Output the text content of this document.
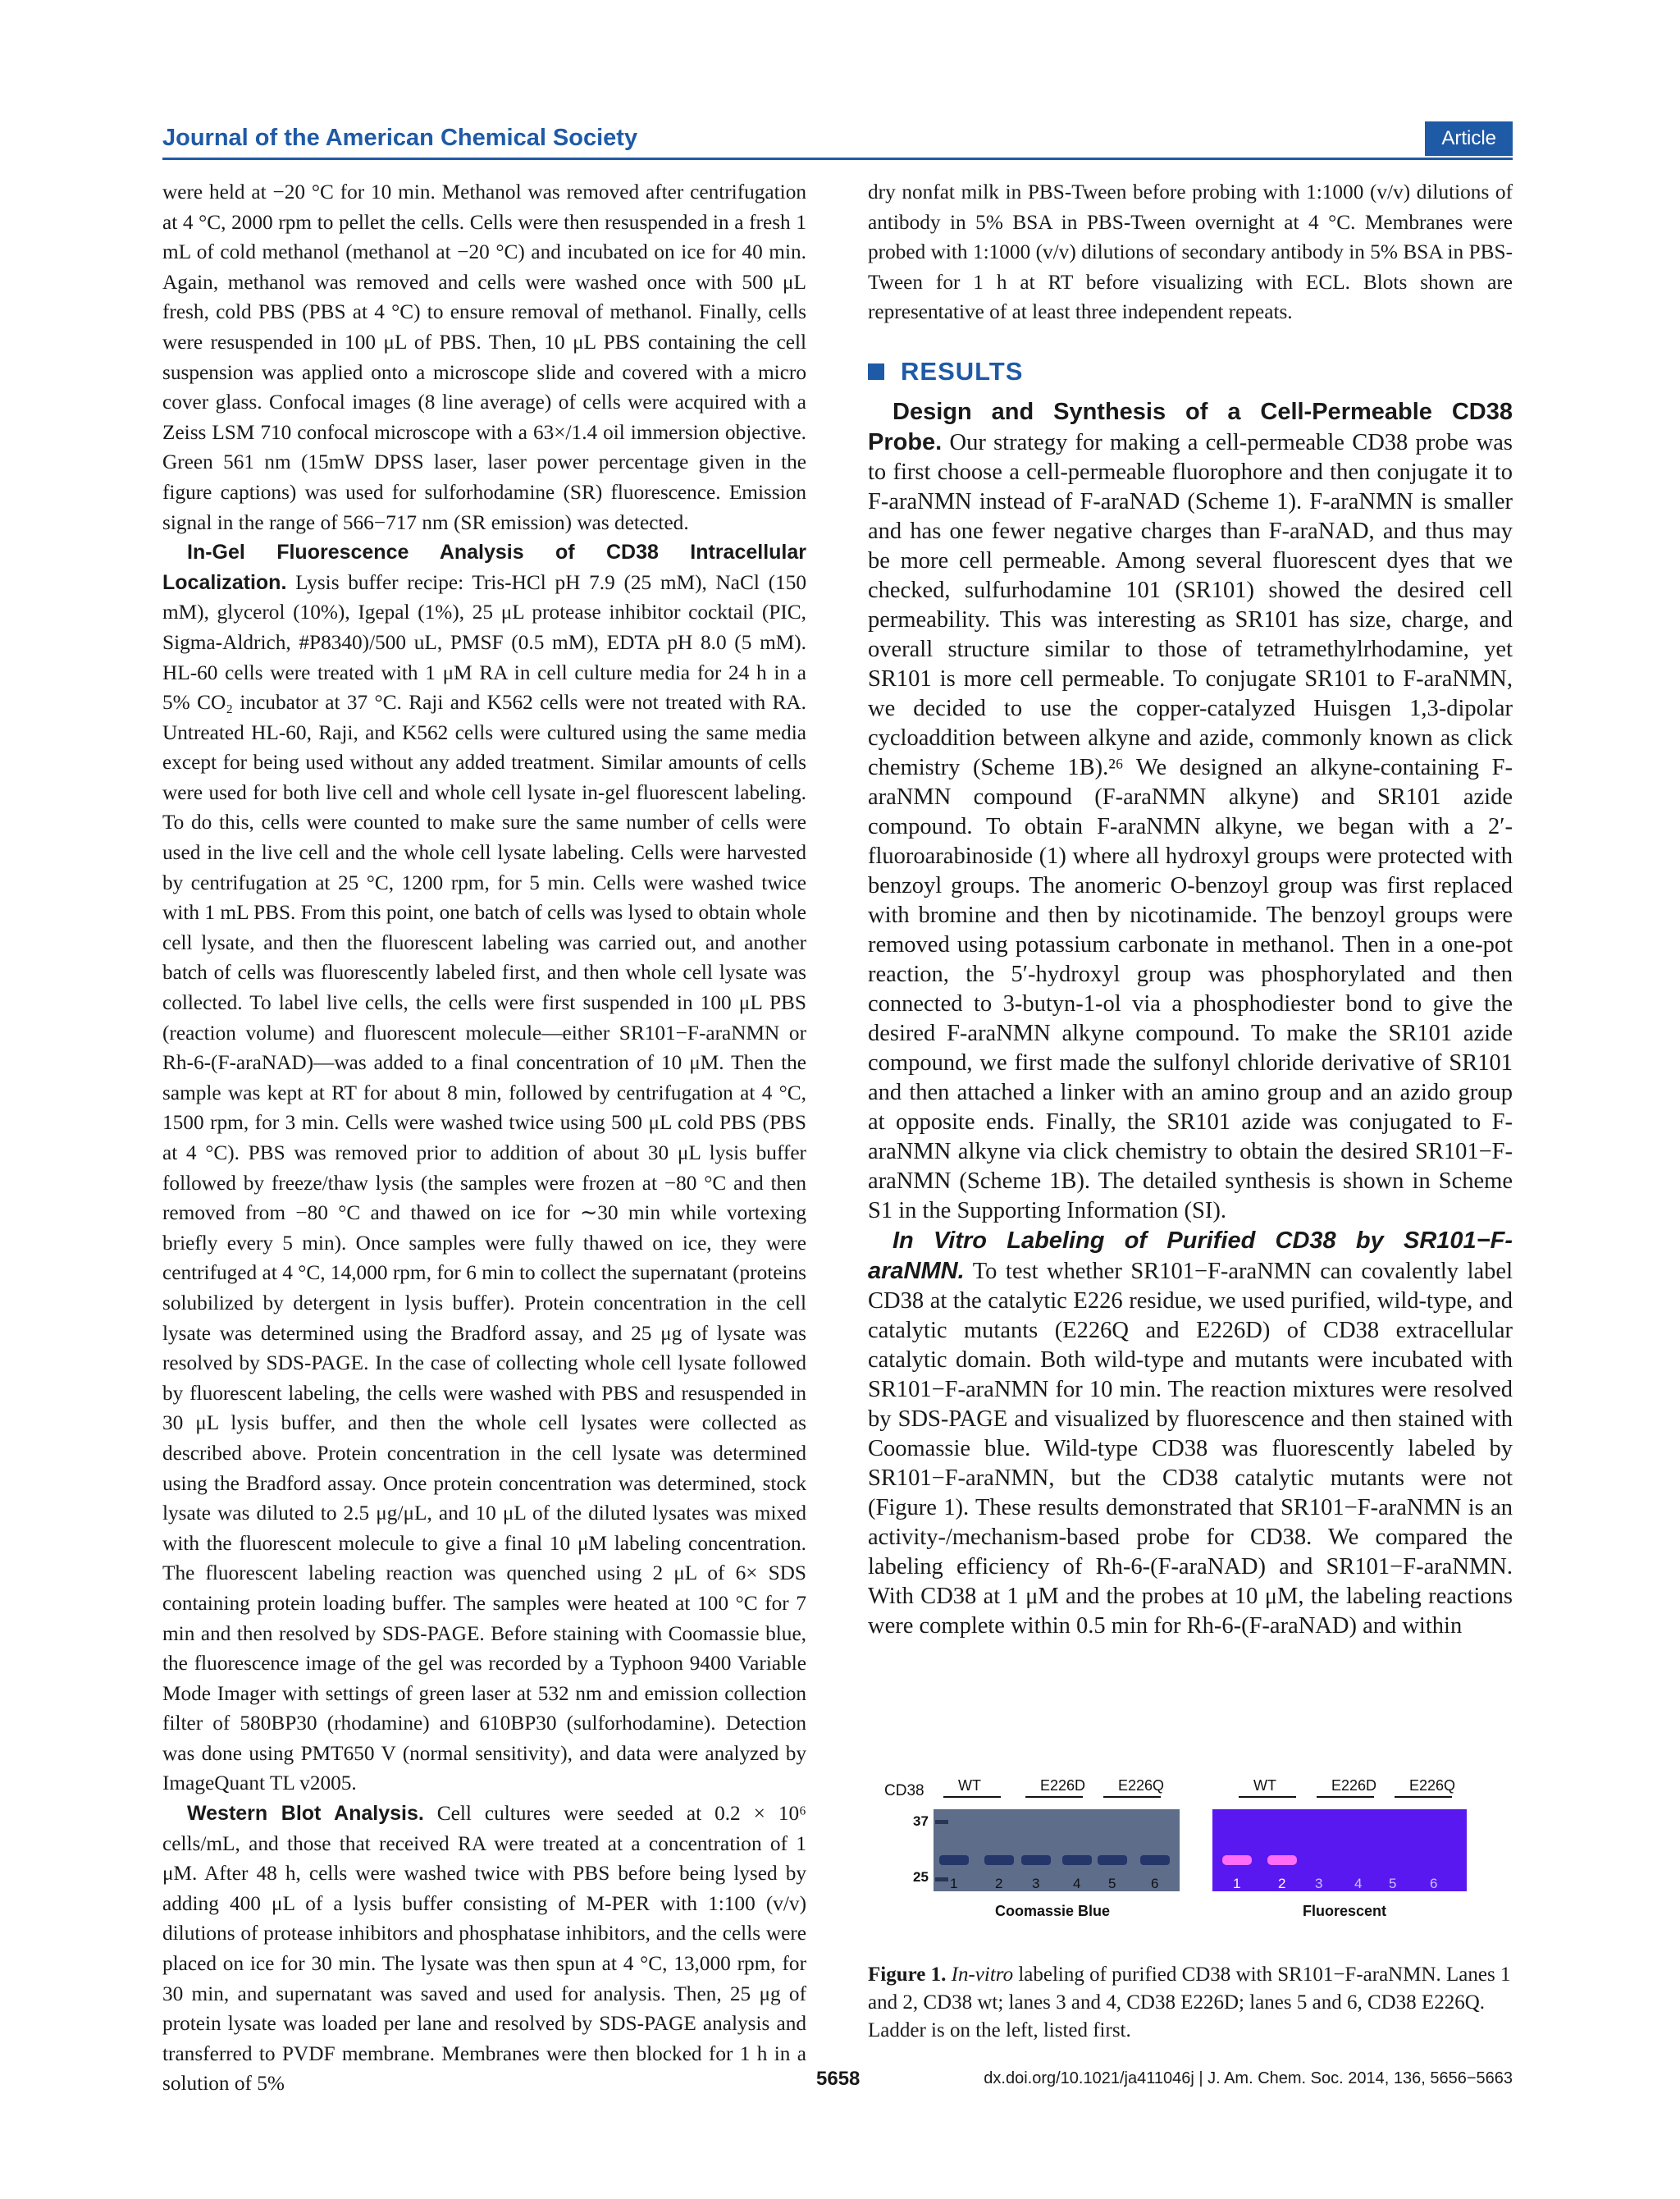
Journal of the American Chemical Society	Article

were held at −20 °C for 10 min. Methanol was removed after centrifugation at 4 °C, 2000 rpm to pellet the cells. Cells were then resuspended in a fresh 1 mL of cold methanol (methanol at −20 °C) and incubated on ice for 40 min. Again, methanol was removed and cells were washed once with 500 μL fresh, cold PBS (PBS at 4 °C) to ensure removal of methanol. Finally, cells were resuspended in 100 μL of PBS. Then, 10 μL PBS containing the cell suspension was applied onto a microscope slide and covered with a micro cover glass. Confocal images (8 line average) of cells were acquired with a Zeiss LSM 710 confocal microscope with a 63×/1.4 oil immersion objective. Green 561 nm (15mW DPSS laser, laser power percentage given in the figure captions) was used for sulforhodamine (SR) fluorescence. Emission signal in the range of 566−717 nm (SR emission) was detected.

In-Gel Fluorescence Analysis of CD38 Intracellular Localization. Lysis buffer recipe: Tris-HCl pH 7.9 (25 mM), NaCl (150 mM), glycerol (10%), Igepal (1%), 25 μL protease inhibitor cocktail (PIC, Sigma-Aldrich, #P8340)/500 uL, PMSF (0.5 mM), EDTA pH 8.0 (5 mM). HL-60 cells were treated with 1 μM RA in cell culture media for 24 h in a 5% CO₂ incubator at 37 °C. Raji and K562 cells were not treated with RA. Untreated HL-60, Raji, and K562 cells were cultured using the same media except for being used without any added treatment. Similar amounts of cells were used for both live cell and whole cell lysate in-gel fluorescent labeling. To do this, cells were counted to make sure the same number of cells were used in the live cell and the whole cell lysate labeling. Cells were harvested by centrifugation at 25 °C, 1200 rpm, for 5 min. Cells were washed twice with 1 mL PBS. From this point, one batch of cells was lysed to obtain whole cell lysate, and then the fluorescent labeling was carried out, and another batch of cells was fluorescently labeled first, and then whole cell lysate was collected. To label live cells, the cells were first suspended in 100 μL PBS (reaction volume) and fluorescent molecule—either SR101−F-araNMN or Rh-6-(F-araNAD)—was added to a final concentration of 10 μM. Then the sample was kept at RT for about 8 min, followed by centrifugation at 4 °C, 1500 rpm, for 3 min. Cells were washed twice using 500 μL cold PBS (PBS at 4 °C). PBS was removed prior to addition of about 30 μL lysis buffer followed by freeze/thaw lysis (the samples were frozen at −80 °C and then removed from −80 °C and thawed on ice for ∼30 min while vortexing briefly every 5 min). Once samples were fully thawed on ice, they were centrifuged at 4 °C, 14,000 rpm, for 6 min to collect the supernatant (proteins solubilized by detergent in lysis buffer). Protein concentration in the cell lysate was determined using the Bradford assay, and 25 μg of lysate was resolved by SDS-PAGE. In the case of collecting whole cell lysate followed by fluorescent labeling, the cells were washed with PBS and resuspended in 30 μL lysis buffer, and then the whole cell lysates were collected as described above. Protein concentration in the cell lysate was determined using the Bradford assay. Once protein concentration was determined, stock lysate was diluted to 2.5 μg/μL, and 10 μL of the diluted lysates was mixed with the fluorescent molecule to give a final 10 μM labeling concentration. The fluorescent labeling reaction was quenched using 2 μL of 6× SDS containing protein loading buffer. The samples were heated at 100 °C for 7 min and then resolved by SDS-PAGE. Before staining with Coomassie blue, the fluorescence image of the gel was recorded by a Typhoon 9400 Variable Mode Imager with settings of green laser at 532 nm and emission collection filter of 580BP30 (rhodamine) and 610BP30 (sulforhodamine). Detection was done using PMT650 V (normal sensitivity), and data were analyzed by ImageQuant TL v2005.

Western Blot Analysis. Cell cultures were seeded at 0.2 × 10⁶ cells/mL, and those that received RA were treated at a concentration of 1 μM. After 48 h, cells were washed twice with PBS before being lysed by adding 400 μL of a lysis buffer consisting of M-PER with 1:100 (v/v) dilutions of protease inhibitors and phosphatase inhibitors, and the cells were placed on ice for 30 min. The lysate was then spun at 4 °C, 13,000 rpm, for 30 min, and supernatant was saved and used for analysis. Then, 25 μg of protein lysate was loaded per lane and resolved by SDS-PAGE analysis and transferred to PVDF membrane. Membranes were then blocked for 1 h in a solution of 5%

dry nonfat milk in PBS-Tween before probing with 1:1000 (v/v) dilutions of antibody in 5% BSA in PBS-Tween overnight at 4 °C. Membranes were probed with 1:1000 (v/v) dilutions of secondary antibody in 5% BSA in PBS-Tween for 1 h at RT before visualizing with ECL. Blots shown are representative of at least three independent repeats.

RESULTS

Design and Synthesis of a Cell-Permeable CD38 Probe. Our strategy for making a cell-permeable CD38 probe was to first choose a cell-permeable fluorophore and then conjugate it to F-araNMN instead of F-araNAD (Scheme 1). F-araNMN is smaller and has one fewer negative charges than F-araNAD, and thus may be more cell permeable. Among several fluorescent dyes that we checked, sulfurhodamine 101 (SR101) showed the desired cell permeability. This was interesting as SR101 has size, charge, and overall structure similar to those of tetramethylrhodamine, yet SR101 is more cell permeable. To conjugate SR101 to F-araNMN, we decided to use the copper-catalyzed Huisgen 1,3-dipolar cycloaddition between alkyne and azide, commonly known as click chemistry (Scheme 1B).²⁶ We designed an alkyne-containing F-araNMN compound (F-araNMN alkyne) and SR101 azide compound. To obtain F-araNMN alkyne, we began with a 2′-fluoroarabinoside (1) where all hydroxyl groups were protected with benzoyl groups. The anomeric O-benzoyl group was first replaced with bromine and then by nicotinamide. The benzoyl groups were removed using potassium carbonate in methanol. Then in a one-pot reaction, the 5′-hydroxyl group was phosphorylated and then connected to 3-butyn-1-ol via a phosphodiester bond to give the desired F-araNMN alkyne compound. To make the SR101 azide compound, we first made the sulfonyl chloride derivative of SR101 and then attached a linker with an amino group and an azido group at opposite ends. Finally, the SR101 azide was conjugated to F-araNMN alkyne via click chemistry to obtain the desired SR101−F-araNMN (Scheme 1B). The detailed synthesis is shown in Scheme S1 in the Supporting Information (SI).

In Vitro Labeling of Purified CD38 by SR101−F-araNMN. To test whether SR101−F-araNMN can covalently label CD38 at the catalytic E226 residue, we used purified, wild-type, and catalytic mutants (E226Q and E226D) of CD38 extracellular catalytic domain. Both wild-type and mutants were incubated with SR101−F-araNMN for 10 min. The reaction mixtures were resolved by SDS-PAGE and visualized by fluorescence and then stained with Coomassie blue. Wild-type CD38 was fluorescently labeled by SR101−F-araNMN, but the CD38 catalytic mutants were not (Figure 1). These results demonstrated that SR101−F-araNMN is an activity-/mechanism-based probe for CD38. We compared the labeling efficiency of Rh-6-(F-araNAD) and SR101−F-araNMN. With CD38 at 1 μM and the probes at 10 μM, the labeling reactions were complete within 0.5 min for Rh-6-(F-araNAD) and within

CD38
37
25
Coomassie Blue	Fluorescent
WT	E226D E226Q	WT	E226D E226Q
1	2 3 4 5	6	1	2 3 4 5 6
Figure 1. In-vitro labeling of purified CD38 with SR101−F-araNMN. Lanes 1 and 2, CD38 wt; lanes 3 and 4, CD38 E226D; lanes 5 and 6, CD38 E226Q. Ladder is on the left, listed first.
5658	dx.doi.org/10.1021/ja411046j | J. Am. Chem. Soc. 2014, 136, 5656−5663
